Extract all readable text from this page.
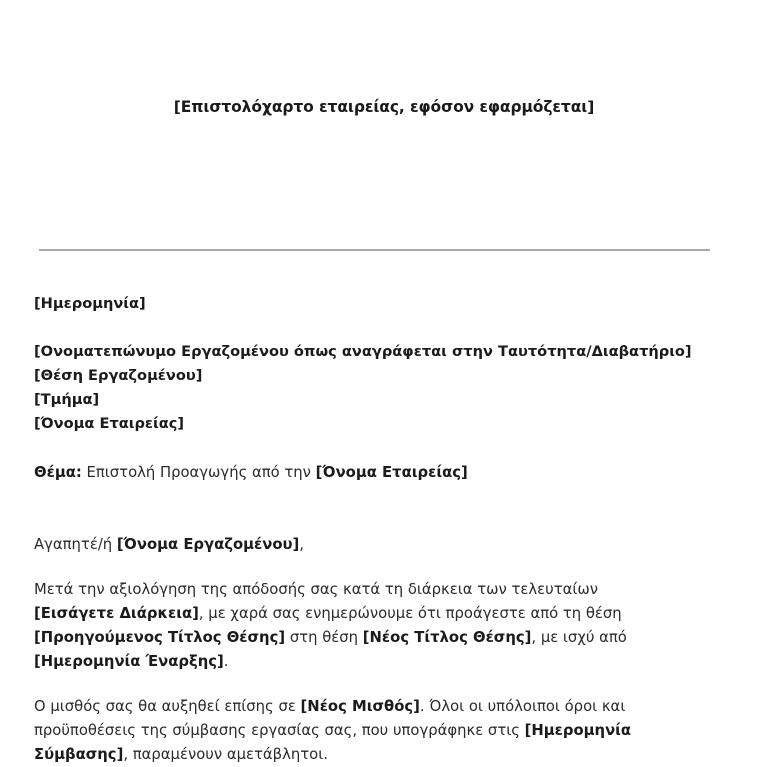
[Επιστολόχαρτο εταιρείας, εφόσον εφαρμόζεται]
[Ημερομηνία]
[Ονοματεπώνυμο Εργαζομένου όπως αναγράφεται στην Ταυτότητα/Διαβατήριο]
[Θέση Εργαζομένου]
[Τμήμα]
[Όνομα Εταιρείας]
Θέμα: Επιστολή Προαγωγής από την [Όνομα Εταιρείας]
Αγαπητέ/ή [Όνομα Εργαζομένου],
Μετά την αξιολόγηση της απόδοσής σας κατά τη διάρκεια των τελευταίων [Εισάγετε Διάρκεια], με χαρά σας ενημερώνουμε ότι προάγεστε από τη θέση [Προηγούμενος Τίτλος Θέσης] στη θέση [Νέος Τίτλος Θέσης], με ισχύ από [Ημερομηνία Έναρξης].
Ο μισθός σας θα αυξηθεί επίσης σε [Νέος Μισθός]. Όλοι οι υπόλοιποι όροι και προϋποθέσεις της σύμβασης εργασίας σας, που υπογράφηκε στις [Ημερομηνία Σύμβασης], παραμένουν αμετάβλητοι.
